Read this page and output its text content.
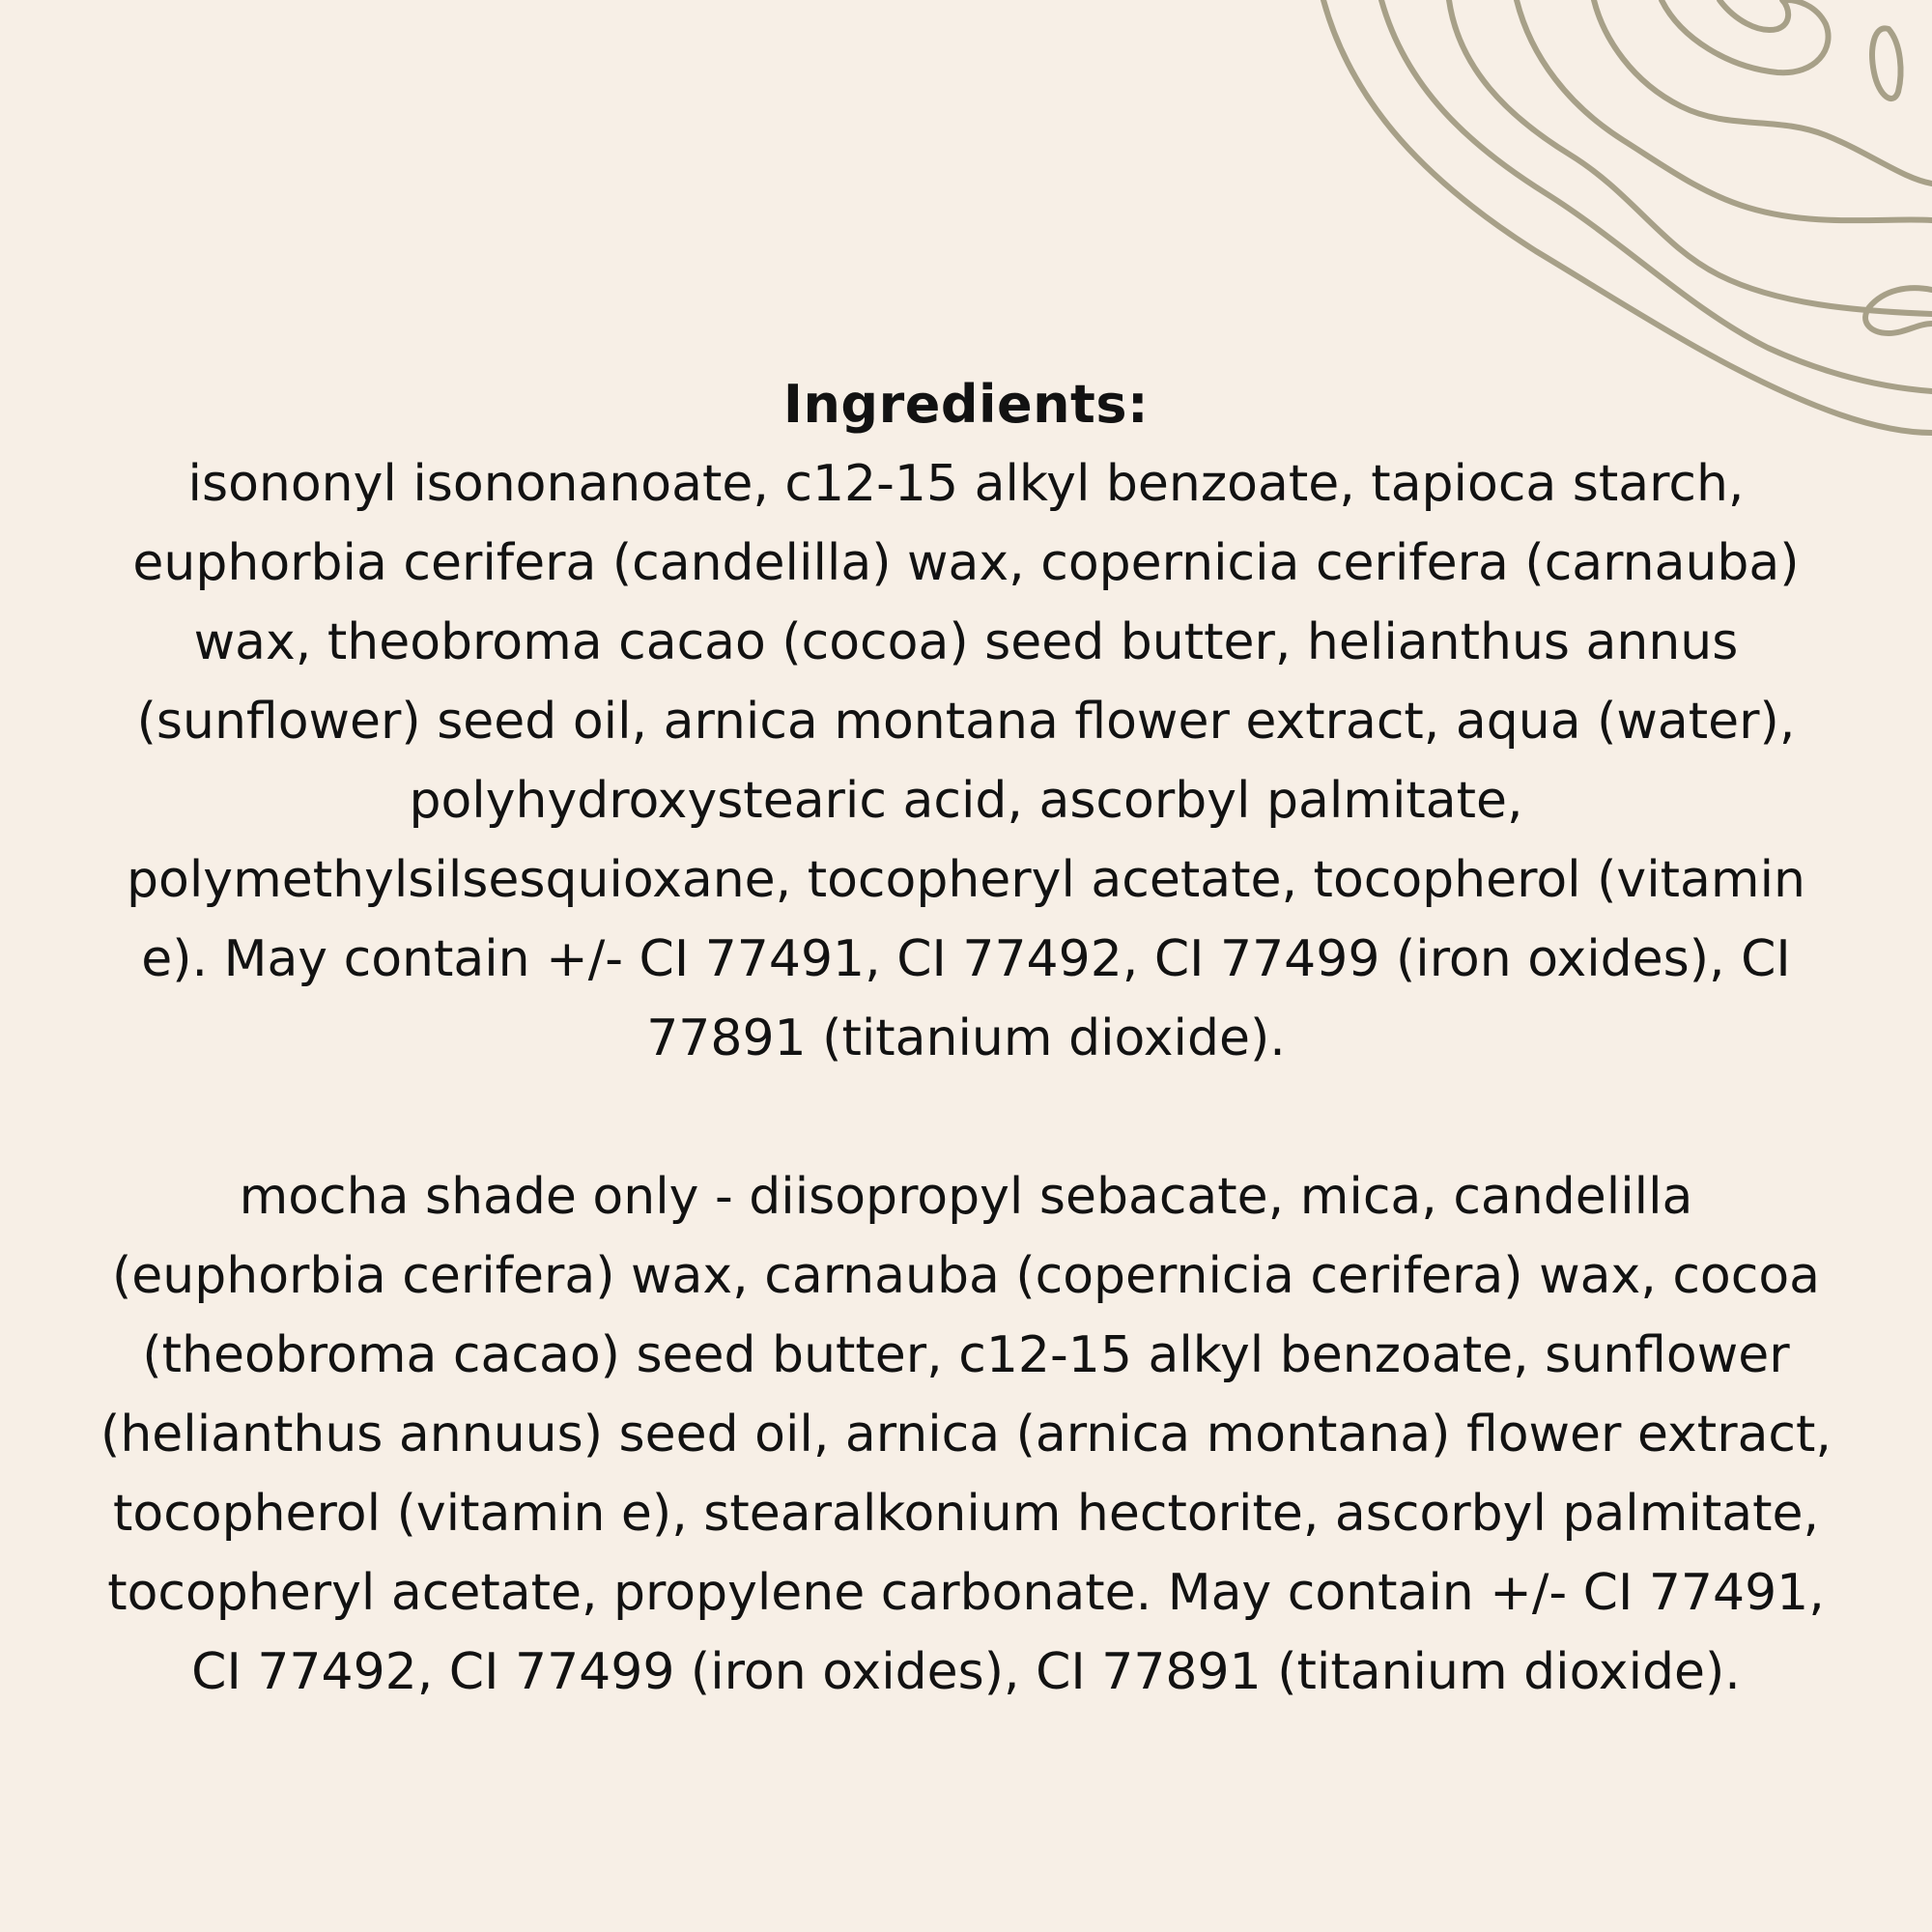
Ingredients:

isononyl isononanoate, c12-15 alkyl benzoate, tapioca starch,
euphorbia cerifera (candelilla) wax, copernicia cerifera (carnauba)
wax, theobroma cacao (cocoa) seed butter, helianthus annus
(sunflower) seed oil, arnica montana flower extract, aqua (water),
polyhydroxystearic acid, ascorbyl palmitate,
polymethylsilsesquioxane, tocopheryl acetate, tocopherol (vitamin
e). May contain +/- CI 77491, CI 77492, CI 77499 (iron oxides), CI
77891 (titanium dioxide).

mocha shade only - diisopropyl sebacate, mica, candelilla
(euphorbia cerifera) wax, carnauba (copernicia cerifera) wax, cocoa
(theobroma cacao) seed butter, c12-15 alkyl benzoate, sunflower
(helianthus annuus) seed oil, arnica (arnica montana) flower extract,
tocopherol (vitamin e), stearalkonium hectorite, ascorbyl palmitate,
tocopheryl acetate, propylene carbonate. May contain +/- CI 77491,
CI 77492, CI 77499 (iron oxides), CI 77891 (titanium dioxide).
